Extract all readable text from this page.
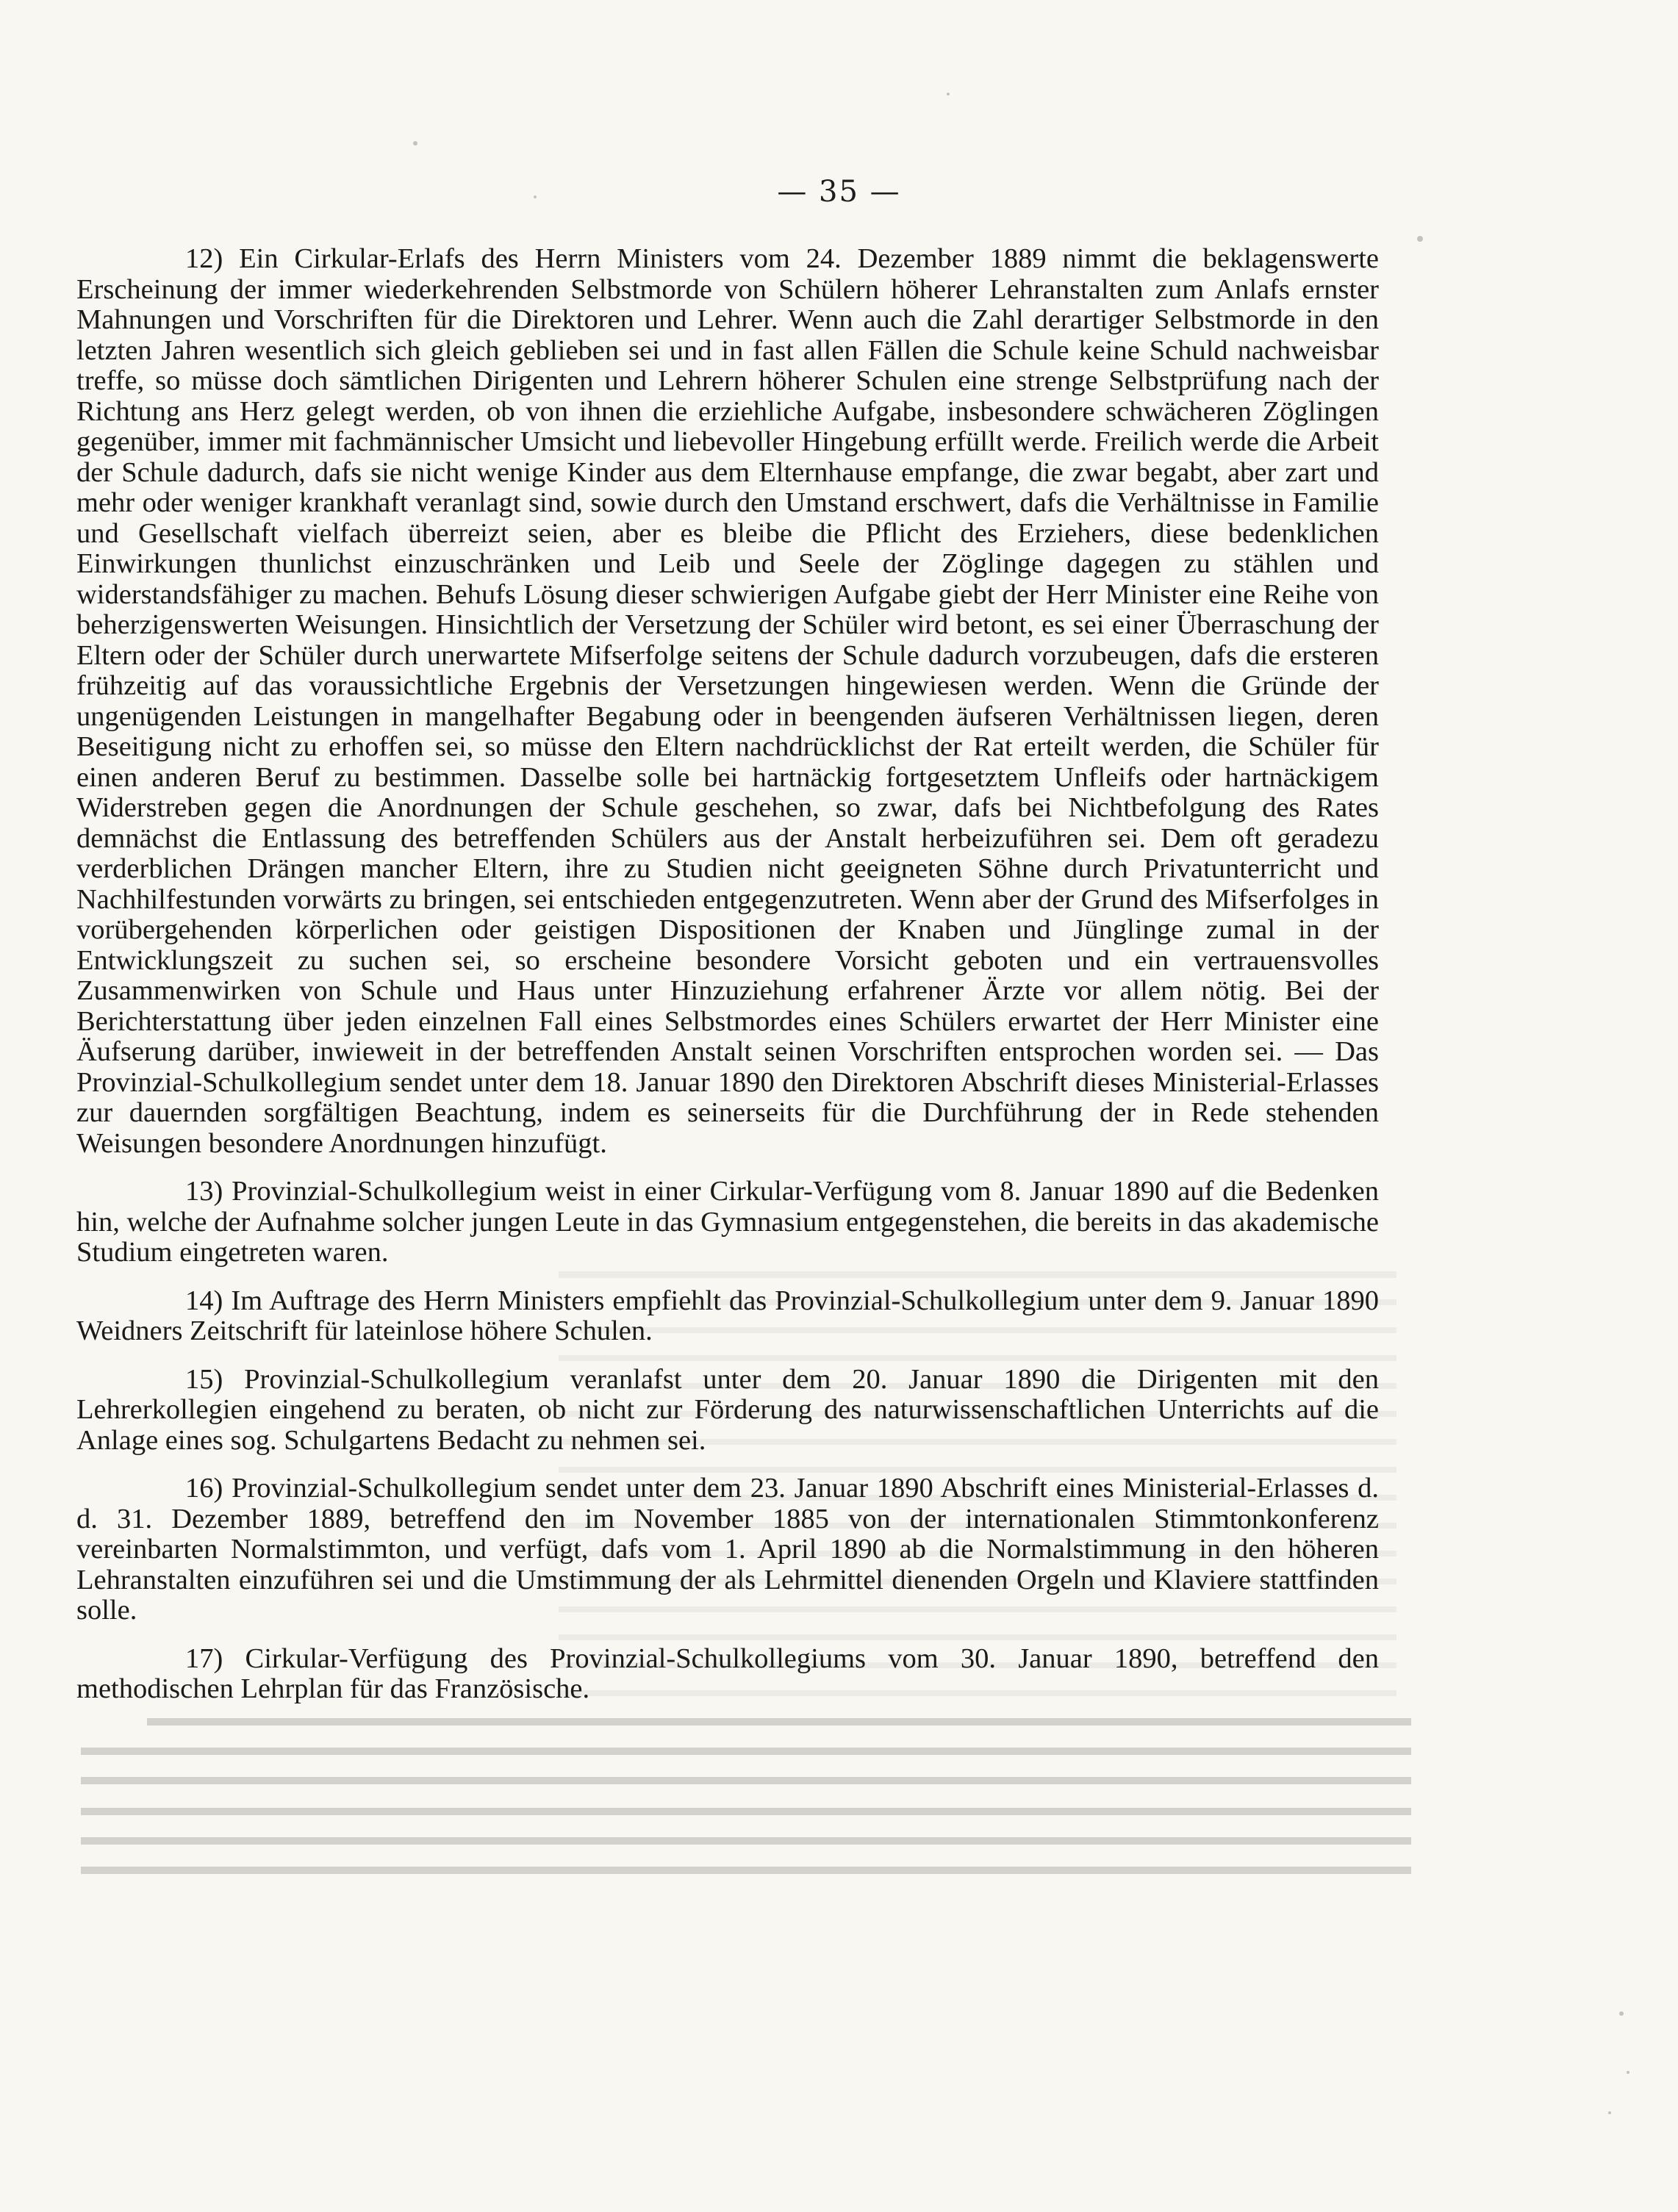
— 35 —

12) Ein Cirkular-Erlafs des Herrn Ministers vom 24. Dezember 1889 nimmt die beklagenswerte Erscheinung der immer wiederkehrenden Selbstmorde von Schülern höherer Lehranstalten zum Anlafs ernster Mahnungen und Vorschriften für die Direktoren und Lehrer. Wenn auch die Zahl derartiger Selbstmorde in den letzten Jahren wesentlich sich gleich geblieben sei und in fast allen Fällen die Schule keine Schuld nachweisbar treffe, so müsse doch sämtlichen Dirigenten und Lehrern höherer Schulen eine strenge Selbstprüfung nach der Richtung ans Herz gelegt werden, ob von ihnen die erziehliche Aufgabe, insbesondere schwächeren Zöglingen gegenüber, immer mit fachmännischer Umsicht und liebevoller Hingebung erfüllt werde. Freilich werde die Arbeit der Schule dadurch, dafs sie nicht wenige Kinder aus dem Elternhause empfange, die zwar begabt, aber zart und mehr oder weniger krankhaft veranlagt sind, sowie durch den Umstand erschwert, dafs die Verhältnisse in Familie und Gesellschaft vielfach überreizt seien, aber es bleibe die Pflicht des Erziehers, diese bedenklichen Einwirkungen thunlichst einzuschränken und Leib und Seele der Zöglinge dagegen zu stählen und widerstandsfähiger zu machen. Behufs Lösung dieser schwierigen Aufgabe giebt der Herr Minister eine Reihe von beherzigenswerten Weisungen. Hinsichtlich der Versetzung der Schüler wird betont, es sei einer Überraschung der Eltern oder der Schüler durch unerwartete Mifserfolge seitens der Schule dadurch vorzubeugen, dafs die ersteren frühzeitig auf das voraussichtliche Ergebnis der Versetzungen hingewiesen werden. Wenn die Gründe der ungenügenden Leistungen in mangelhafter Begabung oder in beengenden äufseren Verhältnissen liegen, deren Beseitigung nicht zu erhoffen sei, so müsse den Eltern nachdrücklichst der Rat erteilt werden, die Schüler für einen anderen Beruf zu bestimmen. Dasselbe solle bei hartnäckig fortgesetztem Unfleifs oder hartnäckigem Widerstreben gegen die Anordnungen der Schule geschehen, so zwar, dafs bei Nichtbefolgung des Rates demnächst die Entlassung des betreffenden Schülers aus der Anstalt herbeizuführen sei. Dem oft geradezu verderblichen Drängen mancher Eltern, ihre zu Studien nicht geeigneten Söhne durch Privatunterricht und Nachhilfestunden vorwärts zu bringen, sei entschieden entgegenzutreten. Wenn aber der Grund des Mifserfolges in vorübergehenden körperlichen oder geistigen Dispositionen der Knaben und Jünglinge zumal in der Entwicklungszeit zu suchen sei, so erscheine besondere Vorsicht geboten und ein vertrauensvolles Zusammenwirken von Schule und Haus unter Hinzuziehung erfahrener Ärzte vor allem nötig. Bei der Berichterstattung über jeden einzelnen Fall eines Selbstmordes eines Schülers erwartet der Herr Minister eine Äufserung darüber, inwieweit in der betreffenden Anstalt seinen Vorschriften entsprochen worden sei. — Das Provinzial-Schulkollegium sendet unter dem 18. Januar 1890 den Direktoren Abschrift dieses Ministerial-Erlasses zur dauernden sorgfältigen Beachtung, indem es seinerseits für die Durchführung der in Rede stehenden Weisungen besondere Anordnungen hinzufügt.

13) Provinzial-Schulkollegium weist in einer Cirkular-Verfügung vom 8. Januar 1890 auf die Bedenken hin, welche der Aufnahme solcher jungen Leute in das Gymnasium entgegenstehen, die bereits in das akademische Studium eingetreten waren.

14) Im Auftrage des Herrn Ministers empfiehlt das Provinzial-Schulkollegium unter dem 9. Januar 1890 Weidners Zeitschrift für lateinlose höhere Schulen.

15) Provinzial-Schulkollegium veranlafst unter dem 20. Januar 1890 die Dirigenten mit den Lehrerkollegien eingehend zu beraten, ob nicht zur Förderung des naturwissenschaftlichen Unterrichts auf die Anlage eines sog. Schulgartens Bedacht zu nehmen sei.

16) Provinzial-Schulkollegium sendet unter dem 23. Januar 1890 Abschrift eines Ministerial-Erlasses d. d. 31. Dezember 1889, betreffend den im November 1885 von der internationalen Stimmtonkonferenz vereinbarten Normalstimmton, und verfügt, dafs vom 1. April 1890 ab die Normalstimmung in den höheren Lehranstalten einzuführen sei und die Umstimmung der als Lehrmittel dienenden Orgeln und Klaviere stattfinden solle.

17) Cirkular-Verfügung des Provinzial-Schulkollegiums vom 30. Januar 1890, betreffend den methodischen Lehrplan für das Französische.
